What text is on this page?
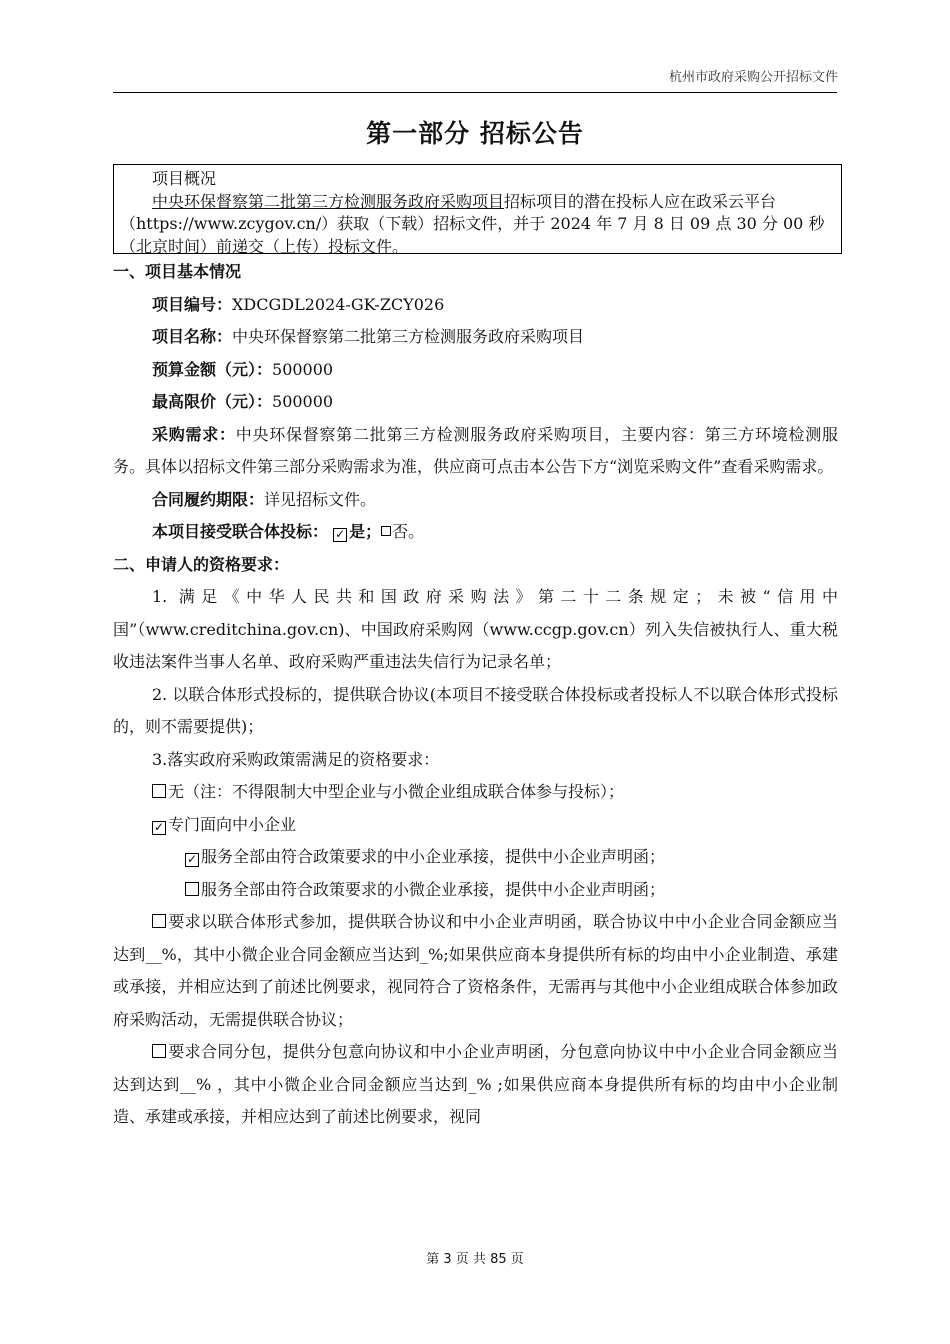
杭州市政府采购公开招标文件
第一部分 招标公告
项目概况
中央环保督察第二批第三方检测服务政府采购项目招标项目的潜在投标人应在政采云平台（https://www.zcygov.cn/）获取（下载）招标文件，并于 2024 年 7 月 8 日 09 点 30 分 00 秒（北京时间）前递交（上传）投标文件。

一、项目基本情况

项目编号：XDCGDL2024-GK-ZCY026

项目名称：中央环保督察第二批第三方检测服务政府采购项目

预算金额（元）：500000

最高限价（元）：500000

采购需求：中央环保督察第二批第三方检测服务政府采购项目，主要内容：第三方环境检测服务。具体以招标文件第三部分采购需求为准，供应商可点击本公告下方“浏览采购文件”查看采购需求。

合同履约期限：详见招标文件。

本项目接受联合体投标： ✓ 是； 否。

二、申请人的资格要求：

1. 满足《中华人民共和国政府采购法》第二十二条规定；未被“信用中国”（www.creditchina.gov.cn)、中国政府采购网（www.ccgp.gov.cn）列入失信被执行人、重大税收违法案件当事人名单、政府采购严重违法失信行为记录名单；

2. 以联合体形式投标的，提供联合协议(本项目不接受联合体投标或者投标人不以联合体形式投标的，则不需要提供)；

3.落实政府采购政策需满足的资格要求：

无（注：不得限制大中型企业与小微企业组成联合体参与投标）；

✓ 专门面向中小企业

✓ 服务全部由符合政策要求的中小企业承接，提供中小企业声明函；

服务全部由符合政策要求的小微企业承接，提供中小企业声明函；

要求以联合体形式参加，提供联合协议和中小企业声明函，联合协议中中小企业合同金额应当达到__%，其中小微企业合同金额应当达到_%;如果供应商本身提供所有标的均由中小企业制造、承建或承接，并相应达到了前述比例要求，视同符合了资格条件，无需再与其他中小企业组成联合体参加政府采购活动，无需提供联合协议；

要求合同分包，提供分包意向协议和中小企业声明函，分包意向协议中中小企业合同金额应当达到达到__% ，其中小微企业合同金额应当达到_% ;如果供应商本身提供所有标的均由中小企业制造、承建或承接，并相应达到了前述比例要求，视同

第 3 页 共 85 页
